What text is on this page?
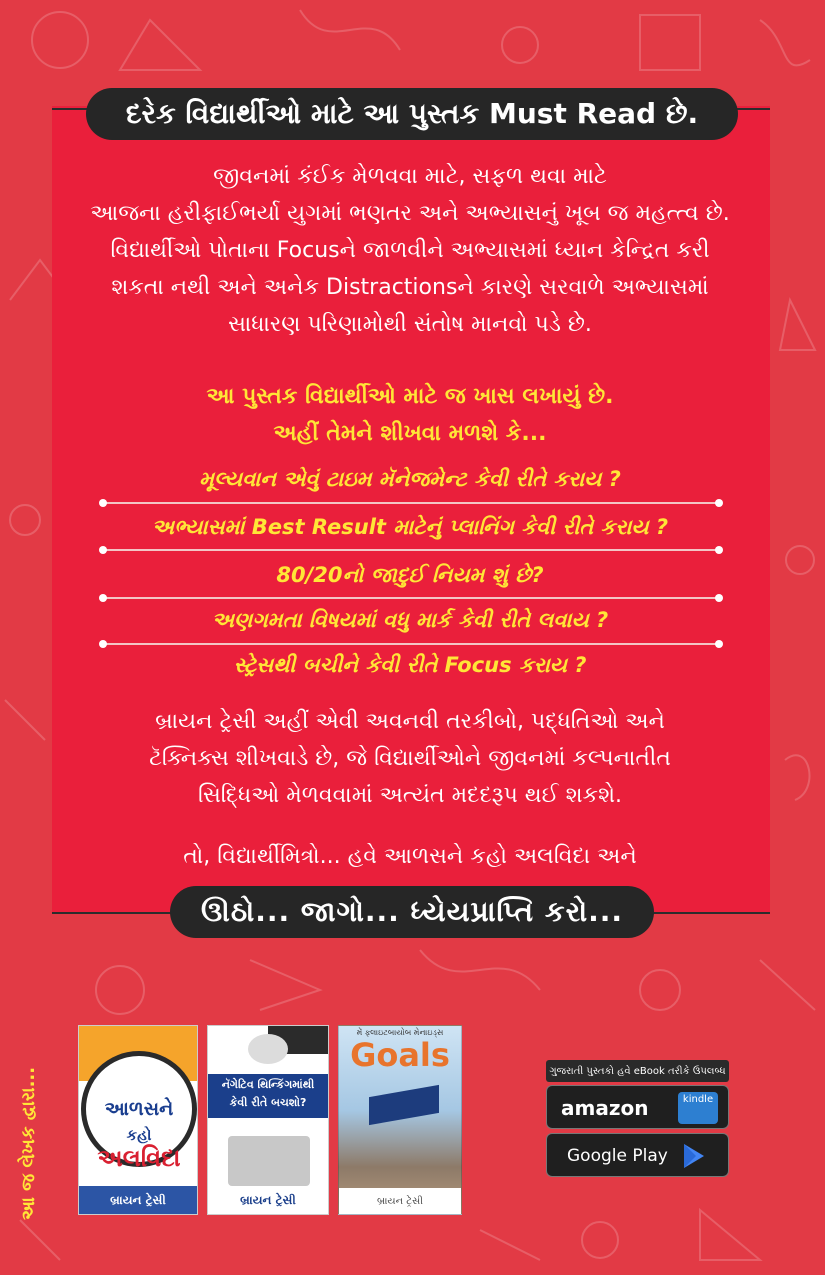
દરેક વિદ્યાર્થીઓ માટે આ પુસ્તક Must Read છે.
જીવનમાં કંઈક મેળવવા માટે, સફળ થવા માટે
આજના હરીફાઈભર્યા યુગમાં ભણતર અને અભ્યાસનું ખૂબ જ મહત્ત્વ છે.
વિદ્યાર્થીઓ પોતાના Focusને જાળવીને અભ્યાસમાં ધ્યાન કેન્દ્રિત કરી
શકતા નથી અને અનેક Distractionsને કારણે સરવાળે અભ્યાસમાં
સાધારણ પરિણામોથી સંતોષ માનવો પડે છે.
આ પુસ્તક વિદ્યાર્થીઓ માટે જ ખાસ લખાયું છે.
અહીં તેમને શીખવા મળશે કે...
મૂલ્યવાન એવું ટાઇમ મૅનેજમેન્ટ કેવી રીતે કરાય ?
અભ્યાસમાં Best Result માટેનું પ્લાનિંગ કેવી રીતે કરાય ?
80/20નો જાદુઈ નિયમ શું છે?
અણગમતા વિષયમાં વધુ માર્ક કેવી રીતે લવાય ?
સ્ટ્રેસથી બચીને કેવી રીતે Focus કરાય ?
બ્રાયન ટ્રેસી અહીં એવી અવનવી તરકીબો, પદ્ધતિઓ અને
ટૅક્નિક્સ શીખવાડે છે, જે વિદ્યાર્થીઓને જીવનમાં કલ્પનાતીત
સિદ્ધિઓ મેળવવામાં અત્યંત મદદરૂપ થઈ શકશે.
તો, વિદ્યાર્થીમિત્રો... હવે આળસને કહો અલવિદા અને
ઊઠો... જાગો... ધ્યેયપ્રાપ્તિ કરો...
આ જ લેખક દ્વારા...	આળસને
કહો
અલવિદા
બ્રાયન ટ્રેસી
નૅગેટિવ થિન્કિંગમાંથી
કેવી રીતે બચશો?
બ્રાયન ટ્રેસી
મેં ફ્લાઇટબાયોબ મેનાઇડ્સ
Goals
બ્રાયન ટ્રેસી
ગુજરાતી પુસ્તકો હવે eBook તરીકે ઉપલબ્ધ
amazon	kindle
Google Play
